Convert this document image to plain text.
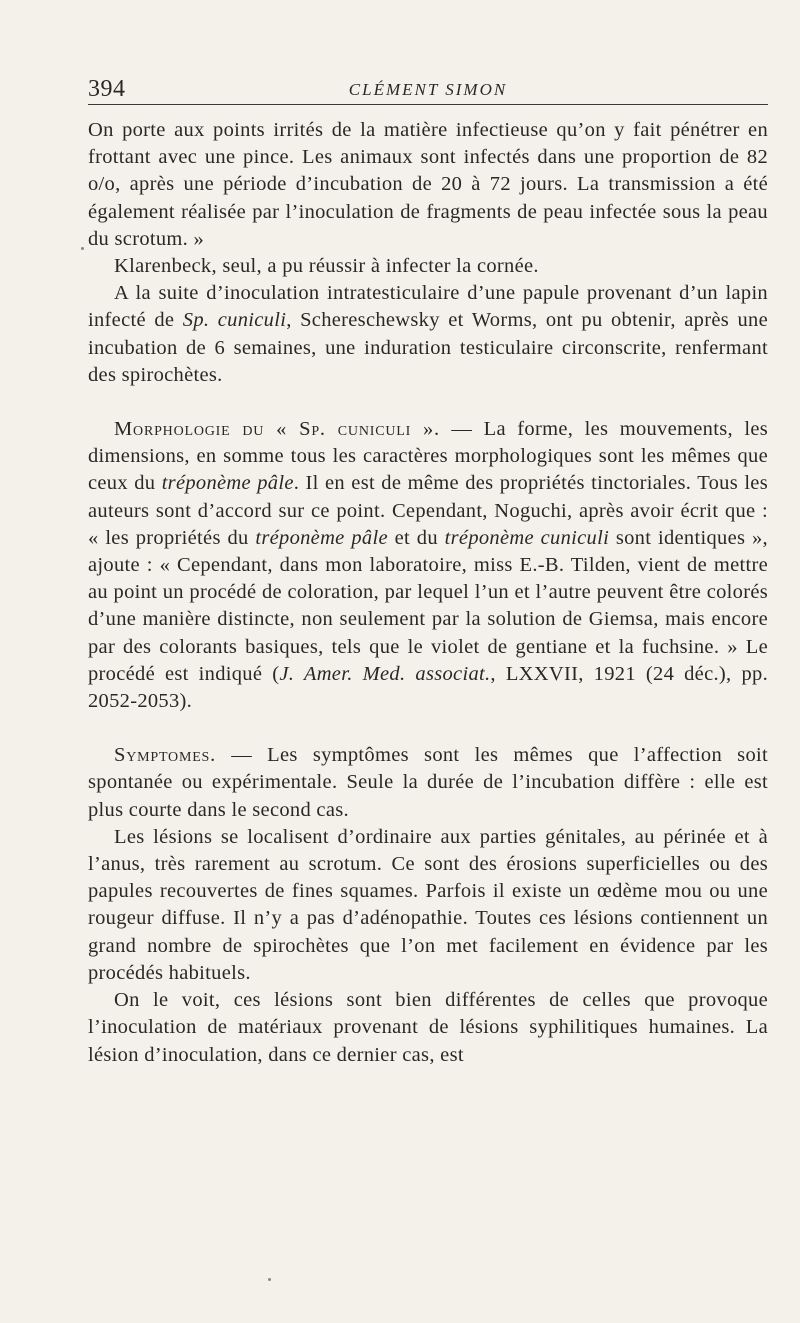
394	CLÉMENT SIMON

On porte aux points irrités de la matière infectieuse qu’on y fait pénétrer en frottant avec une pince. Les animaux sont infectés dans une proportion de 82 o/o, après une période d’incubation de 20 à 72 jours. La transmission a été également réalisée par l’inoculation de fragments de peau infectée sous la peau du scrotum. »

Klarenbeck, seul, a pu réussir à infecter la cornée.

A la suite d’inoculation intratesticulaire d’une papule provenant d’un lapin infecté de Sp. cuniculi, Schereschewsky et Worms, ont pu obtenir, après une incubation de 6 semaines, une induration testiculaire circonscrite, renfermant des spirochètes.

Morphologie du « Sp. cuniculi ». — La forme, les mouvements, les dimensions, en somme tous les caractères morphologiques sont les mêmes que ceux du tréponème pâle. Il en est de même des propriétés tinctoriales. Tous les auteurs sont d’accord sur ce point. Cependant, Noguchi, après avoir écrit que : « les propriétés du tréponème pâle et du tréponème cuniculi sont identiques », ajoute : « Cependant, dans mon laboratoire, miss E.-B. Tilden, vient de mettre au point un procédé de coloration, par lequel l’un et l’autre peuvent être colorés d’une manière distincte, non seulement par la solution de Giemsa, mais encore par des colorants basiques, tels que le violet de gentiane et la fuchsine. » Le procédé est indiqué (J. Amer. Med. associat., LXXVII, 1921 (24 déc.), pp. 2052-2053).

Symptomes. — Les symptômes sont les mêmes que l’affection soit spontanée ou expérimentale. Seule la durée de l’incubation diffère : elle est plus courte dans le second cas.

Les lésions se localisent d’ordinaire aux parties génitales, au périnée et à l’anus, très rarement au scrotum. Ce sont des érosions superficielles ou des papules recouvertes de fines squames. Parfois il existe un œdème mou ou une rougeur diffuse. Il n’y a pas d’adénopathie. Toutes ces lésions contiennent un grand nombre de spirochètes que l’on met facilement en évidence par les procédés habituels.

On le voit, ces lésions sont bien différentes de celles que provoque l’inoculation de matériaux provenant de lésions syphilitiques humaines. La lésion d’inoculation, dans ce dernier cas, est
